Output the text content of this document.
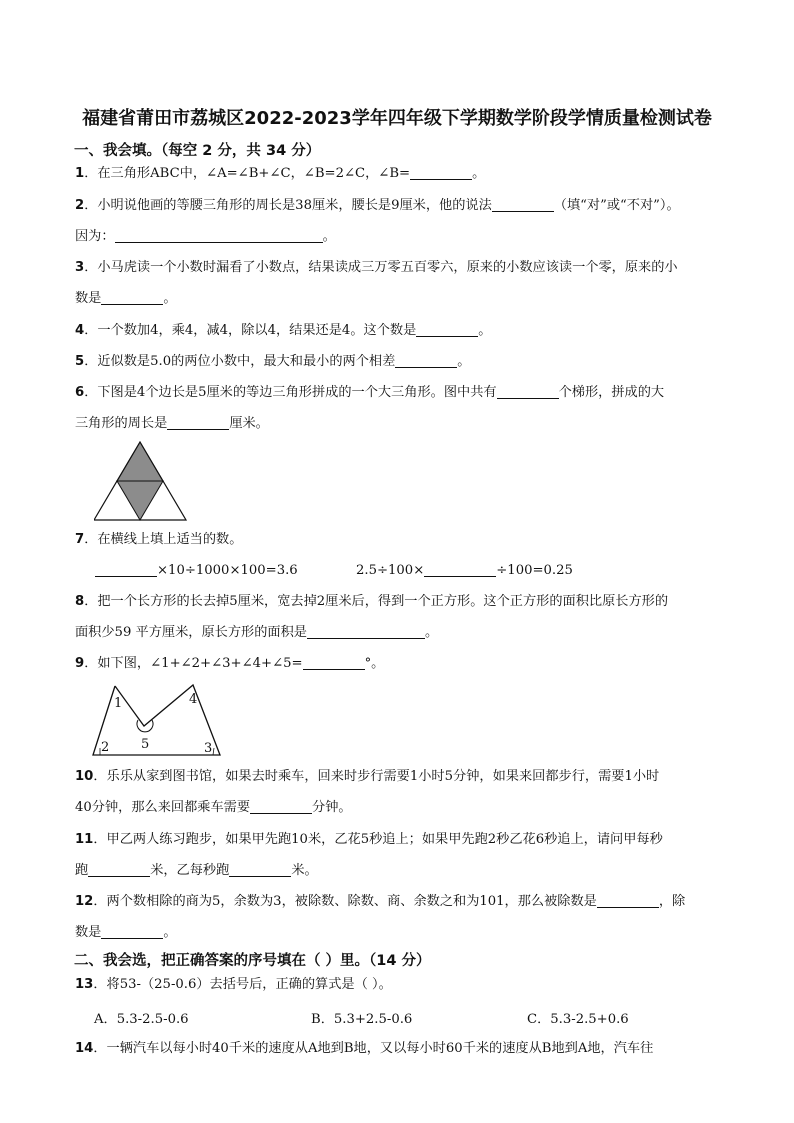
福建省莆田市荔城区2022-2023学年四年级下学期数学阶段学情质量检测试卷
一、我会填。（每空 2 分，共 34 分）
1．在三角形ABC中，∠A=∠B+∠C，∠B=2∠C，∠B=	。
2．小明说他画的等腰三角形的周长是38厘米，腰长是9厘米，他的说法	（填“对”或“不对”）。
因为：	。
3．小马虎读一个小数时漏看了小数点，结果读成三万零五百零六，原来的小数应该读一个零，原来的小
数是	。
4．一个数加4，乘4，减4，除以4，结果还是4。这个数是	。
5．近似数是5.0的两位小数中，最大和最小的两个相差	。
6．下图是4个边长是5厘米的等边三角形拼成的一个大三角形。图中共有	个梯形，拼成的大
三角形的周长是	厘米。
7．在横线上填上适当的数。
×10÷1000×100=3.6	2.5÷100×	÷100=0.25
8．把一个长方形的长去掉5厘米，宽去掉2厘米后，得到一个正方形。这个正方形的面积比原长方形的
面积少59 平方厘米，原长方形的面积是	。
9．如下图，∠1+∠2+∠3+∠4+∠5=	°。
1
2	3
4
5
10．乐乐从家到图书馆，如果去时乘车，回来时步行需要1小时5分钟，如果来回都步行，需要1小时
40分钟，那么来回都乘车需要	分钟。
11．甲乙两人练习跑步，如果甲先跑10米，乙花5秒追上；如果甲先跑2秒乙花6秒追上，请问甲每秒
跑	米，乙每秒跑	米。
12．两个数相除的商为5，余数为3，被除数、除数、商、余数之和为101，那么被除数是	，除
数是	。
二、我会选，把正确答案的序号填在（ ）里。（14 分）
13．将53-（25-0.6）去括号后，正确的算式是（ ）。
A．5.3-2.5-0.6	B．5.3+2.5-0.6	C．5.3-2.5+0.6
14．一辆汽车以每小时40千米的速度从A地到B地，又以每小时60千米的速度从B地到A地，汽车往
